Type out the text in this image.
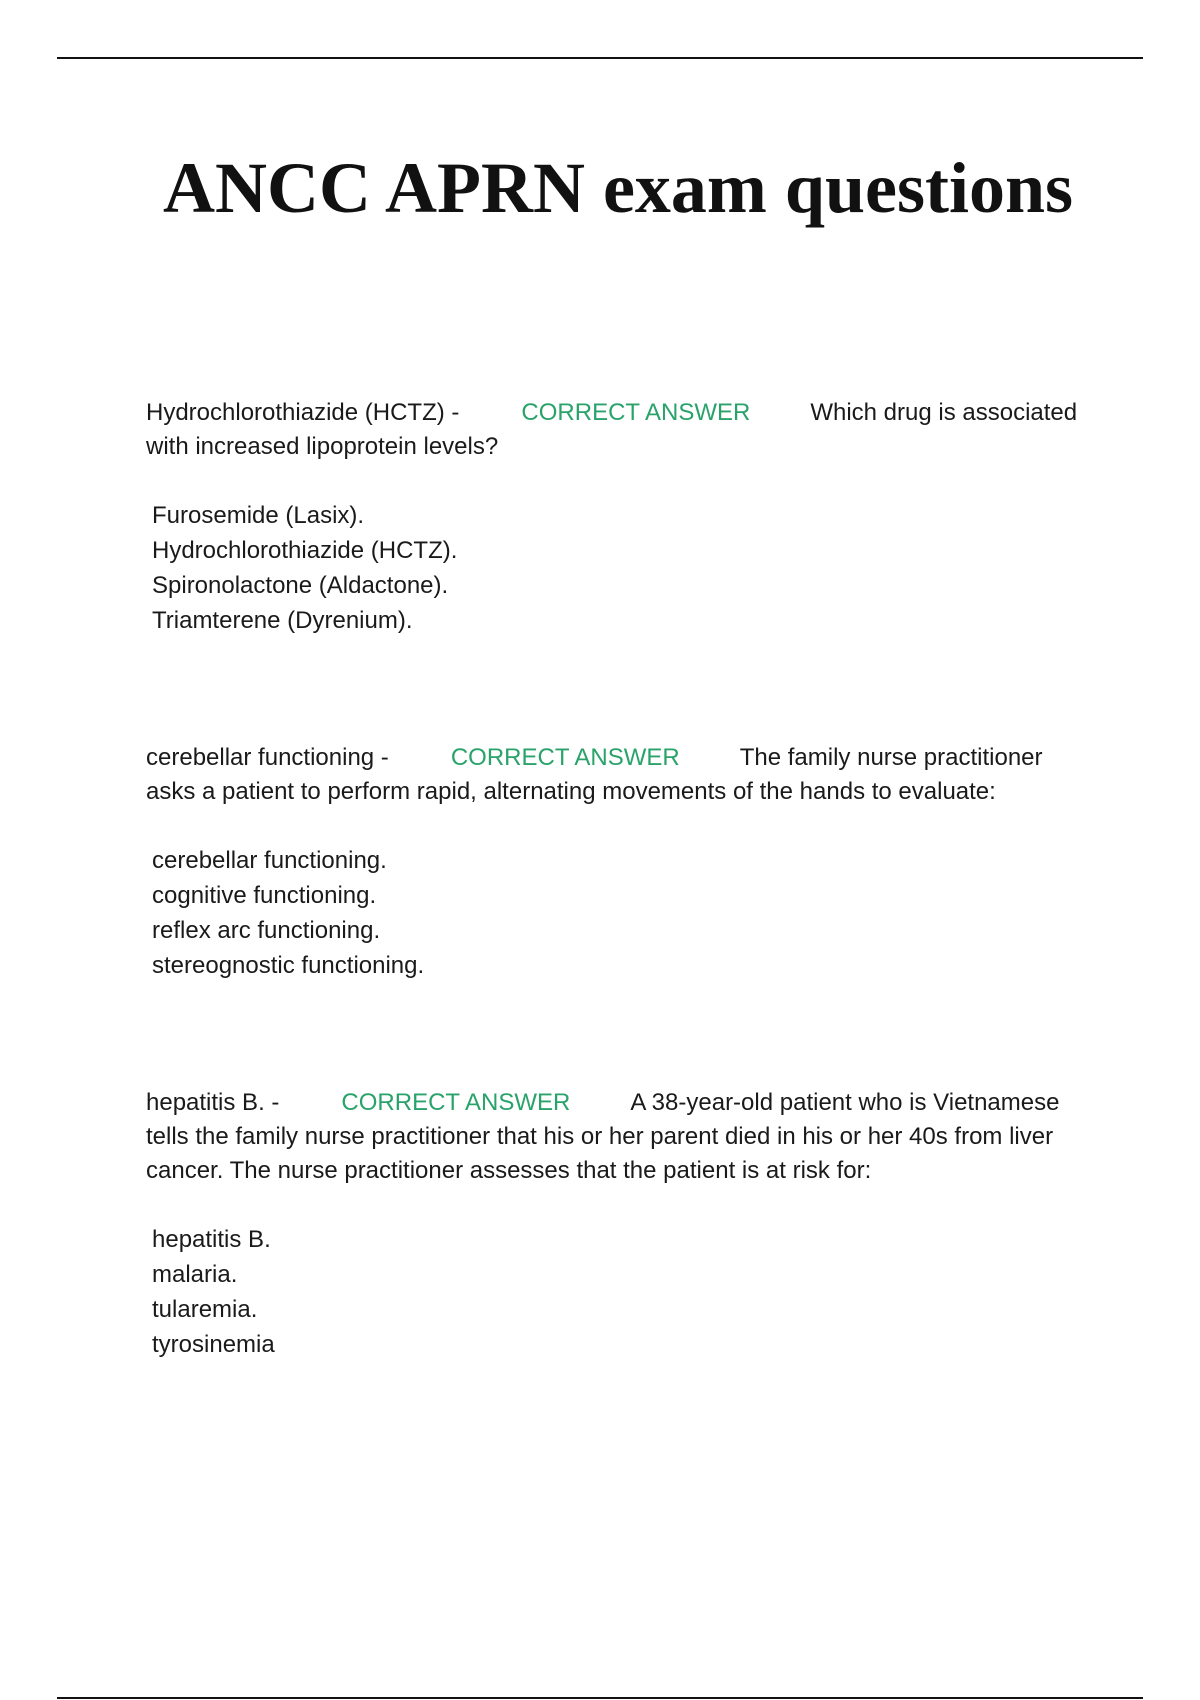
ANCC APRN exam questions

Hydrochlorothiazide (HCTZ) -	CORRECT ANSWER	Which drug is associated with increased lipoprotein levels?

Furosemide (Lasix).
Hydrochlorothiazide (HCTZ).
Spironolactone (Aldactone).
Triamterene (Dyrenium).

cerebellar functioning -	CORRECT ANSWER	The family nurse practitioner asks a patient to perform rapid, alternating movements of the hands to evaluate:

cerebellar functioning.
cognitive functioning.
reflex arc functioning.
stereognostic functioning.

hepatitis B. -	CORRECT ANSWER	A 38-year-old patient who is Vietnamese tells the family nurse practitioner that his or her parent died in his or her 40s from liver cancer. The nurse practitioner assesses that the patient is at risk for:

hepatitis B.
malaria.
tularemia.
tyrosinemia
